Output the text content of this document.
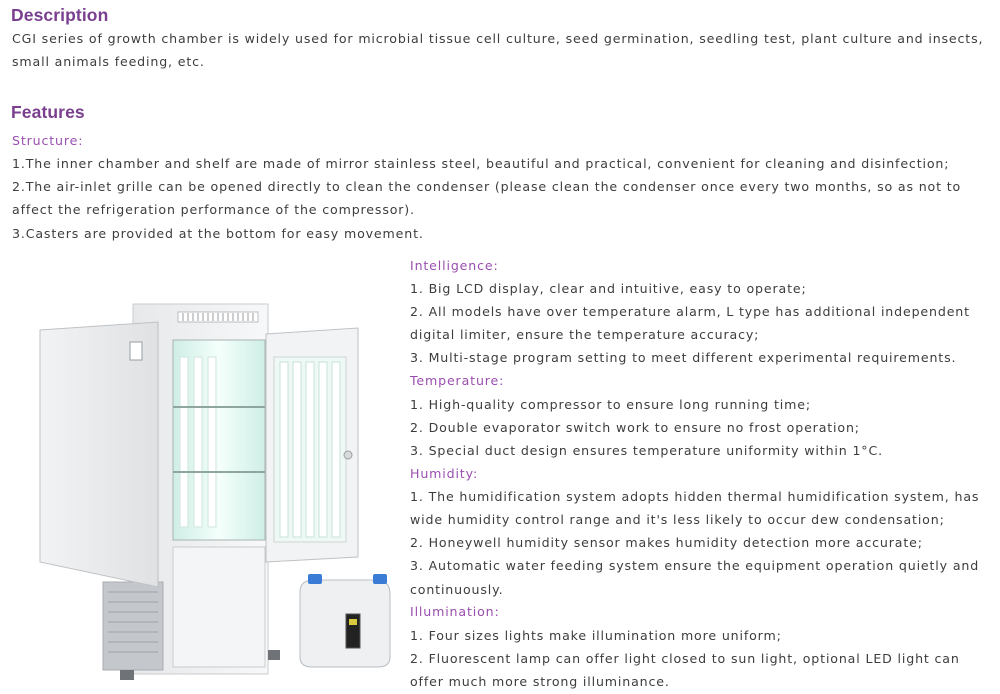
Description
CGI series of growth chamber is widely used for microbial tissue cell culture, seed germination, seedling test, plant culture and insects,
small animals feeding, etc.
Features
Structure:
1.The inner chamber and shelf are made of mirror stainless steel, beautiful and practical, convenient for cleaning and disinfection;
2.The air-inlet grille can be opened directly to clean the condenser (please clean the condenser once every two months, so as not to
affect the refrigeration performance of the compressor).
3.Casters are provided at the bottom for easy movement.
Intelligence:
1. Big LCD display, clear and intuitive, easy to operate;
2. All models have over temperature alarm, L type has additional independent
digital limiter, ensure the temperature accuracy;
3. Multi-stage program setting to meet different experimental requirements.
Temperature:
1. High-quality compressor to ensure long running time;
2. Double evaporator switch work to ensure no frost operation;
3. Special duct design ensures temperature uniformity within 1°C.
Humidity:
1. The humidification system adopts hidden thermal humidification system, has
wide humidity control range and it's less likely to occur dew condensation;
2. Honeywell humidity sensor makes humidity detection more accurate;
3. Automatic water feeding system ensure the equipment operation quietly and
continuously.
Illumination:
1. Four sizes lights make illumination more uniform;
2. Fluorescent lamp can offer light closed to sun light, optional LED light can
offer much more strong illuminance.
